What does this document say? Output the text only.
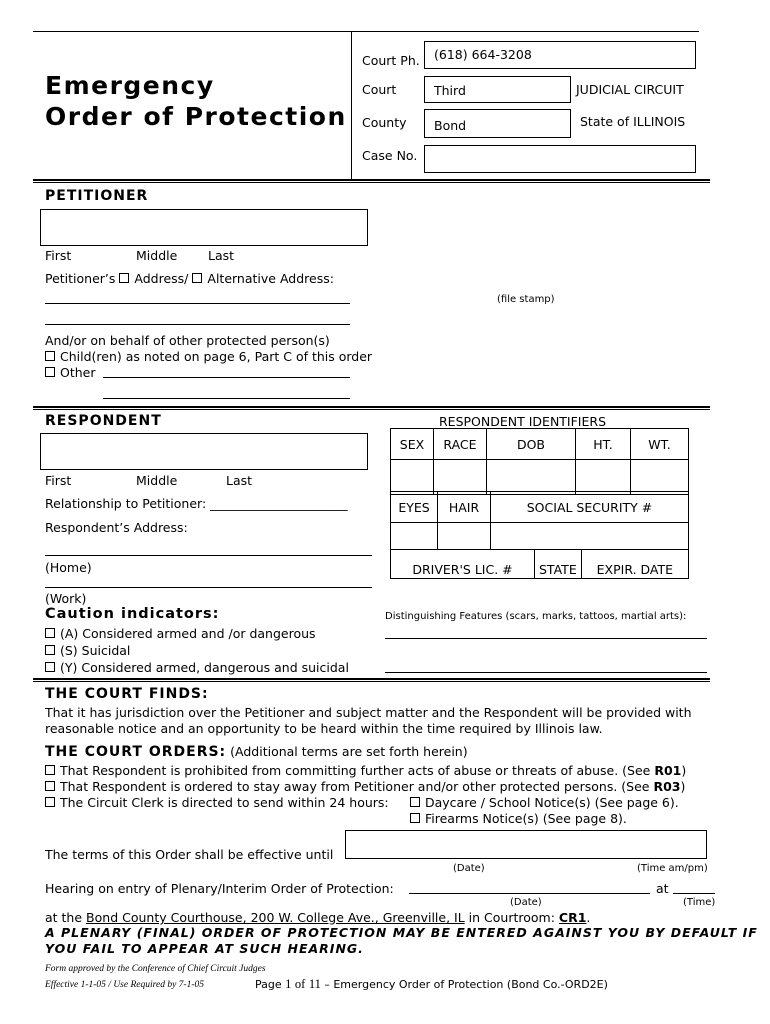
Emergency
Order of Protection
Court Ph. (618) 664-3208
Court	Third	JUDICIAL CIRCUIT
County Bond	State of ILLINOIS
Case No.
PETITIONER
First	Middle Last
Petitioner’s Address/ Alternative Address:
(file stamp)
And/or on behalf of other protected person(s)
Child(ren) as noted on page 6, Part C of this order
Other
RESPONDENT
First	Middle	Last
Relationship to Petitioner: ______________________
Respondent’s Address:
(Home)
(Work)
Caution indicators:
(A) Considered armed and /or dangerous
(S) Suicidal
(Y) Considered armed, dangerous and suicidal
RESPONDENT IDENTIFIERS
SEX	RACE	DOB	HT.	WT.

EYES	HAIR	SOCIAL SECURITY #

DRIVER'S LIC. #	STATE	EXPIR. DATE
Distinguishing Features (scars, marks, tattoos, martial arts):
THE COURT FINDS:
That it has jurisdiction over the Petitioner and subject matter and the Respondent will be provided with
reasonable notice and an opportunity to be heard within the time required by Illinois law.
THE COURT ORDERS: (Additional terms are set forth herein)
That Respondent is prohibited from committing further acts of abuse or threats of abuse. (See R01)
That Respondent is ordered to stay away from Petitioner and/or other protected persons. (See R03)
The Circuit Clerk is directed to send within 24 hours:	Daycare / School Notice(s) (See page 6).
Firearms Notice(s) (See page 8).
The terms of this Order shall be effective until
(Date)	(Time am/pm)
Hearing on entry of Plenary/Interim Order of Protection:	at
(Date)	(Time)
at the Bond County Courthouse, 200 W. College Ave., Greenville, IL in Courtroom: CR1.
A PLENARY (FINAL) ORDER OF PROTECTION MAY BE ENTERED AGAINST YOU BY DEFAULT IF
YOU FAIL TO APPEAR AT SUCH HEARING.
Form approved by the Conference of Chief Circuit Judges
Effective 1-1-05 / Use Required by 7-1-05	Page 1 of 11 – Emergency Order of Protection (Bond Co.-ORD2E)
